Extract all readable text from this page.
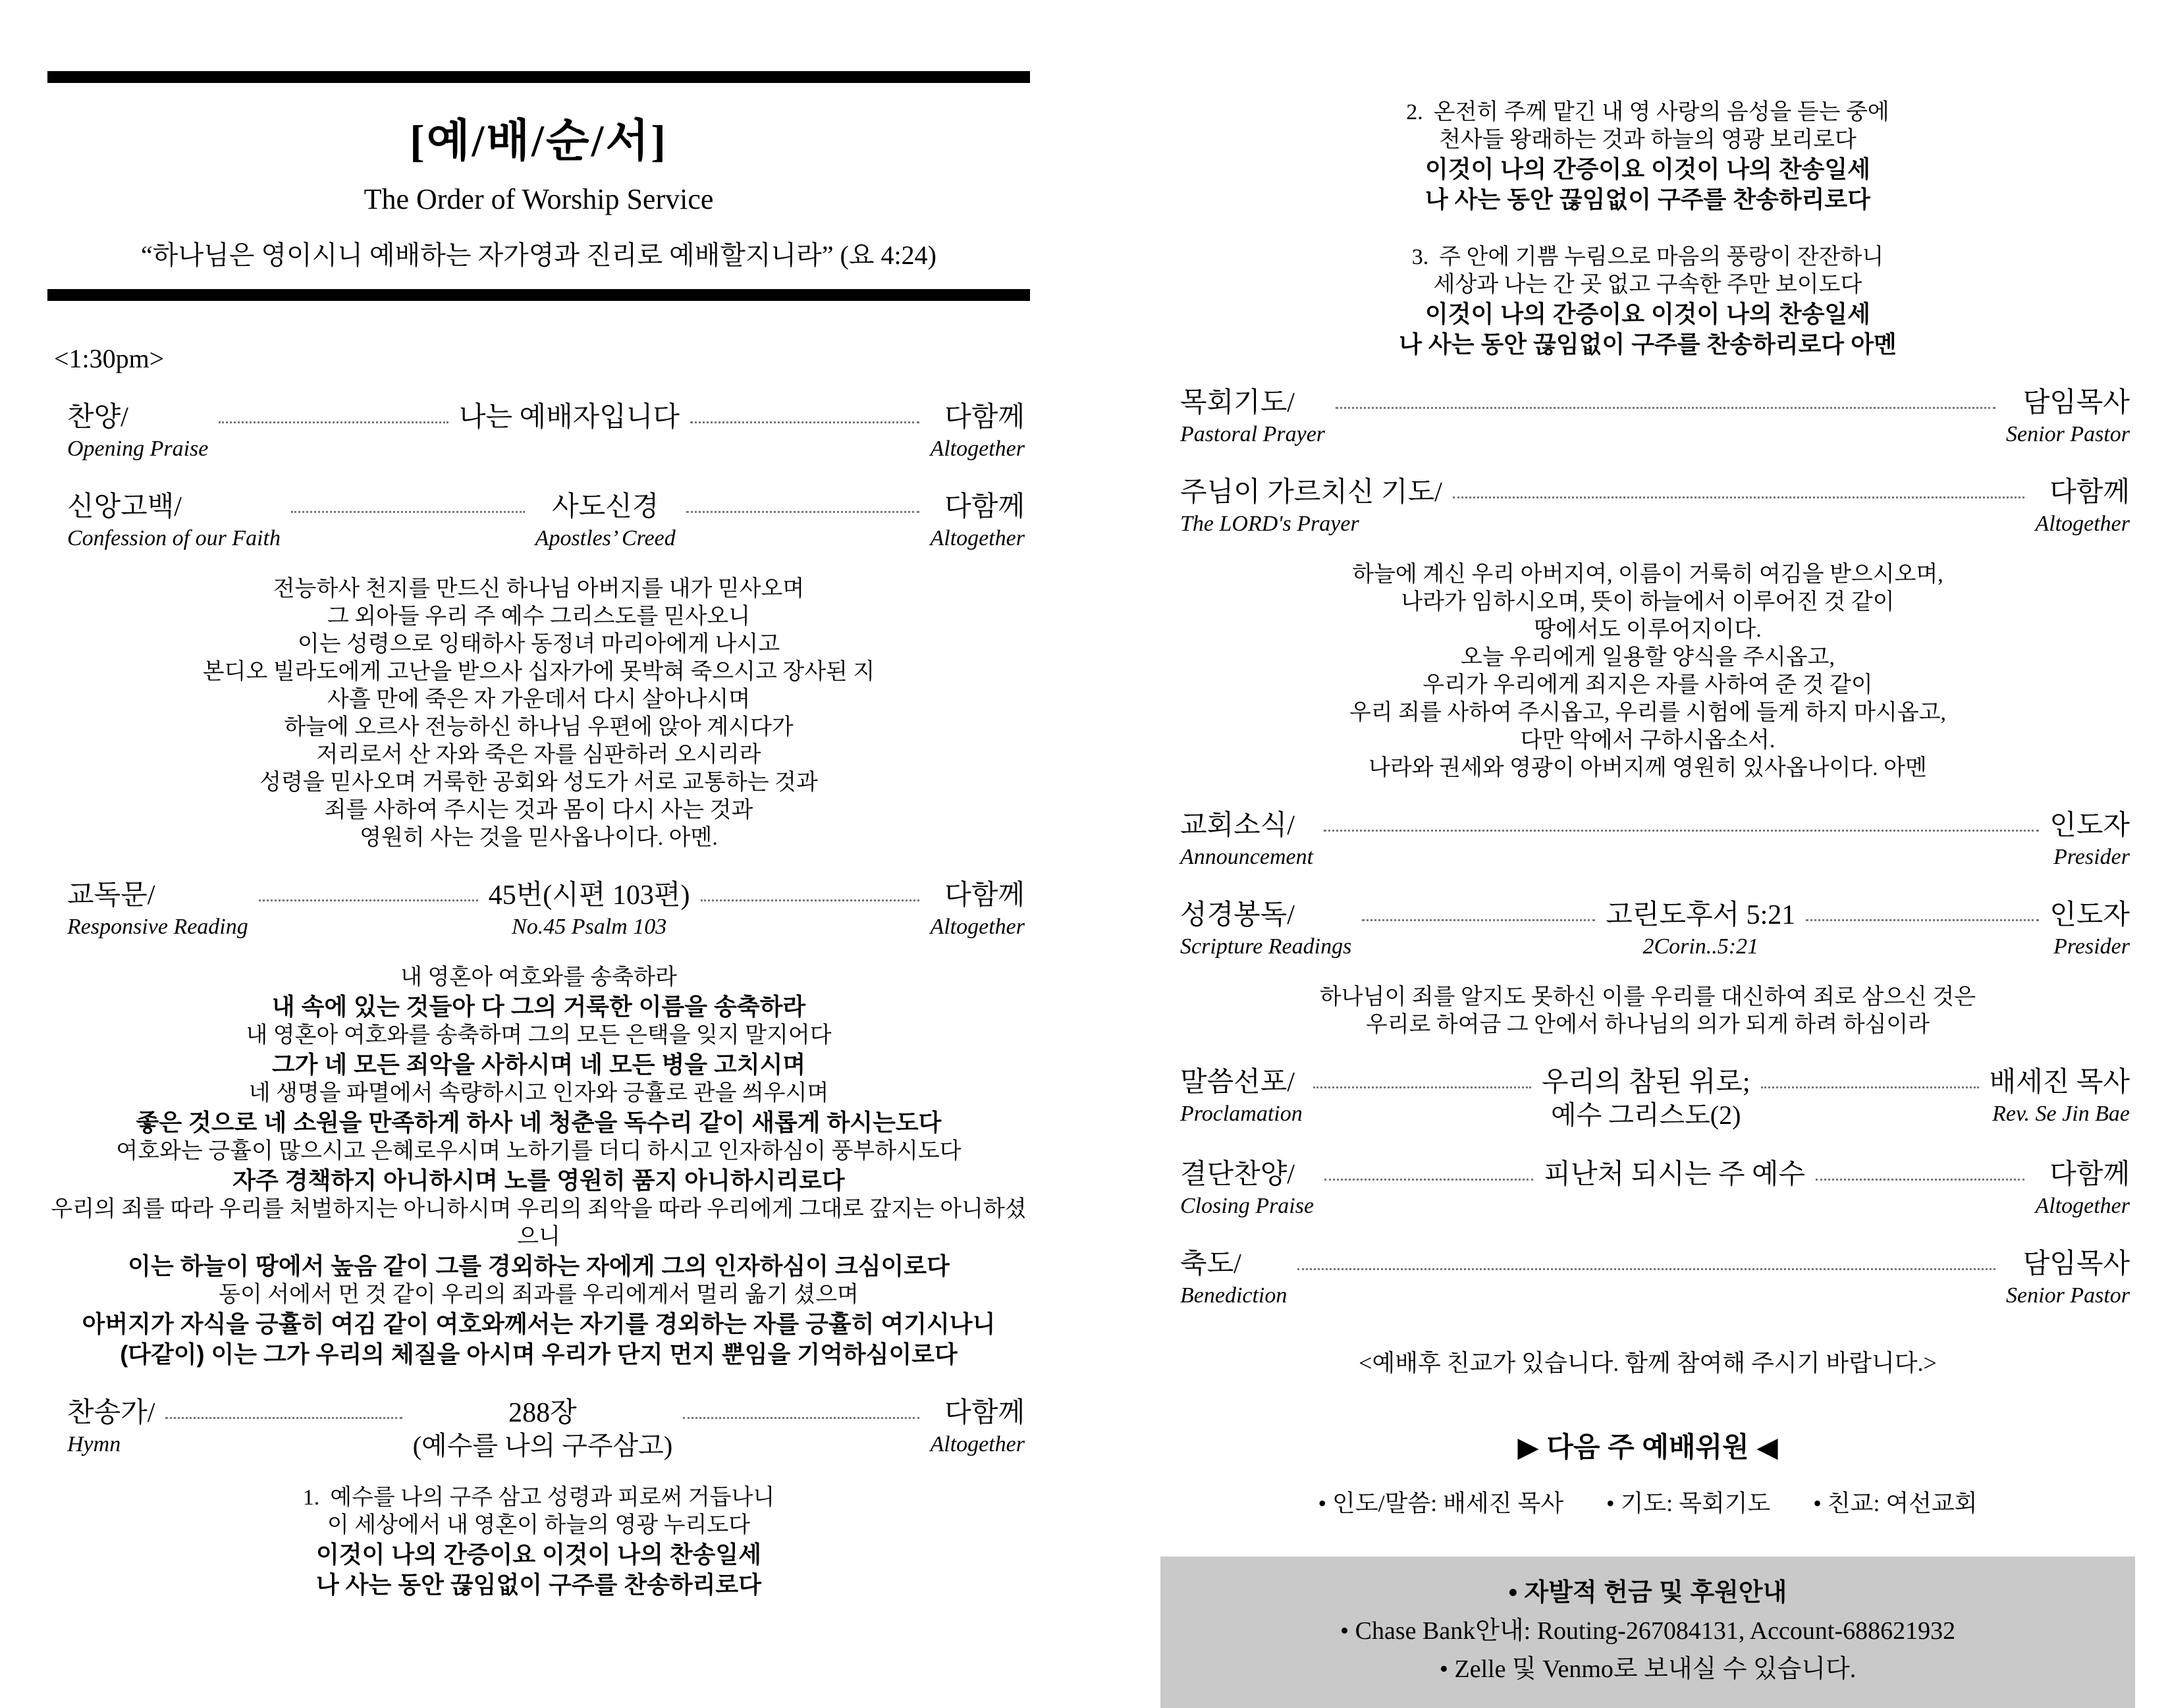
[예/배/순/서]
The Order of Worship Service
“하나님은 영이시니 예배하는 자가영과 진리로 예배할지니라” (요 4:24)
<1:30pm>
찬양/
Opening Praise
나는 예배자입니다	다함께
Altogether
신앙고백/
Confession of our Faith
사도신경
Apostles’ Creed
다함께
Altogether
전능하사 천지를 만드신 하나님 아버지를 내가 믿사오며
그 외아들 우리 주 예수 그리스도를 믿사오니
이는 성령으로 잉태하사 동정녀 마리아에게 나시고
본디오 빌라도에게 고난을 받으사 십자가에 못박혀 죽으시고 장사된 지
사흘 만에 죽은 자 가운데서 다시 살아나시며
하늘에 오르사 전능하신 하나님 우편에 앉아 계시다가
저리로서 산 자와 죽은 자를 심판하러 오시리라
성령을 믿사오며 거룩한 공회와 성도가 서로 교통하는 것과
죄를 사하여 주시는 것과 몸이 다시 사는 것과
영원히 사는 것을 믿사옵나이다. 아멘.
교독문/
Responsive Reading
45번(시편 103편)
No.45 Psalm 103
다함께
Altogether
내 영혼아 여호와를 송축하라
내 속에 있는 것들아 다 그의 거룩한 이름을 송축하라
내 영혼아 여호와를 송축하며 그의 모든 은택을 잊지 말지어다
그가 네 모든 죄악을 사하시며 네 모든 병을 고치시며
네 생명을 파멸에서 속량하시고 인자와 긍휼로 관을 씌우시며
좋은 것으로 네 소원을 만족하게 하사 네 청춘을 독수리 같이 새롭게 하시는도다
여호와는 긍휼이 많으시고 은혜로우시며 노하기를 더디 하시고 인자하심이 풍부하시도다
자주 경책하지 아니하시며 노를 영원히 품지 아니하시리로다
우리의 죄를 따라 우리를 처벌하지는 아니하시며 우리의 죄악을 따라 우리에게 그대로 갚지는 아니하셨으니
이는 하늘이 땅에서 높음 같이 그를 경외하는 자에게 그의 인자하심이 크심이로다
동이 서에서 먼 것 같이 우리의 죄과를 우리에게서 멀리 옮기 셨으며
아버지가 자식을 긍휼히 여김 같이 여호와께서는 자기를 경외하는 자를 긍휼히 여기시나니
(다같이) 이는 그가 우리의 체질을 아시며 우리가 단지 먼지 뿐임을 기억하심이로다
찬송가/
Hymn
288장
(예수를 나의 구주삼고)
다함께
Altogether
1. 예수를 나의 구주 삼고 성령과 피로써 거듭나니
이 세상에서 내 영혼이 하늘의 영광 누리도다
이것이 나의 간증이요 이것이 나의 찬송일세
나 사는 동안 끊임없이 구주를 찬송하리로다
2. 온전히 주께 맡긴 내 영 사랑의 음성을 듣는 중에
천사들 왕래하는 것과 하늘의 영광 보리로다
이것이 나의 간증이요 이것이 나의 찬송일세
나 사는 동안 끊임없이 구주를 찬송하리로다
3. 주 안에 기쁨 누림으로 마음의 풍랑이 잔잔하니
세상과 나는 간 곳 없고 구속한 주만 보이도다
이것이 나의 간증이요 이것이 나의 찬송일세
나 사는 동안 끊임없이 구주를 찬송하리로다 아멘
목회기도/
Pastoral Prayer
담임목사
Senior Pastor
주님이 가르치신 기도/
The LORD's Prayer
다함께
Altogether
하늘에 계신 우리 아버지여, 이름이 거룩히 여김을 받으시오며,
나라가 임하시오며, 뜻이 하늘에서 이루어진 것 같이
땅에서도 이루어지이다.
오늘 우리에게 일용할 양식을 주시옵고,
우리가 우리에게 죄지은 자를 사하여 준 것 같이
우리 죄를 사하여 주시옵고, 우리를 시험에 들게 하지 마시옵고,
다만 악에서 구하시옵소서.
나라와 권세와 영광이 아버지께 영원히 있사옵나이다. 아멘
교회소식/
Announcement
인도자
Presider
성경봉독/
Scripture Readings
고린도후서 5:21
2Corin..5:21
인도자
Presider
하나님이 죄를 알지도 못하신 이를 우리를 대신하여 죄로 삼으신 것은
우리로 하여금 그 안에서 하나님의 의가 되게 하려 하심이라
말씀선포/
Proclamation
우리의 참된 위로;
예수 그리스도(2)
배세진 목사
Rev. Se Jin Bae
결단찬양/
Closing Praise
피난처 되시는 주 예수	다함께
Altogether
축도/
Benediction
담임목사
Senior Pastor
<예배후 친교가 있습니다. 함께 참여해 주시기 바랍니다.>
▶ 다음 주 예배위원 ◀
• 인도/말씀: 배세진 목사 • 기도: 목회기도 • 친교: 여선교회
• 자발적 헌금 및 후원안내
• Chase Bank안내: Routing-267084131, Account-688621932
• Zelle 및 Venmo로 보내실 수 있습니다.
